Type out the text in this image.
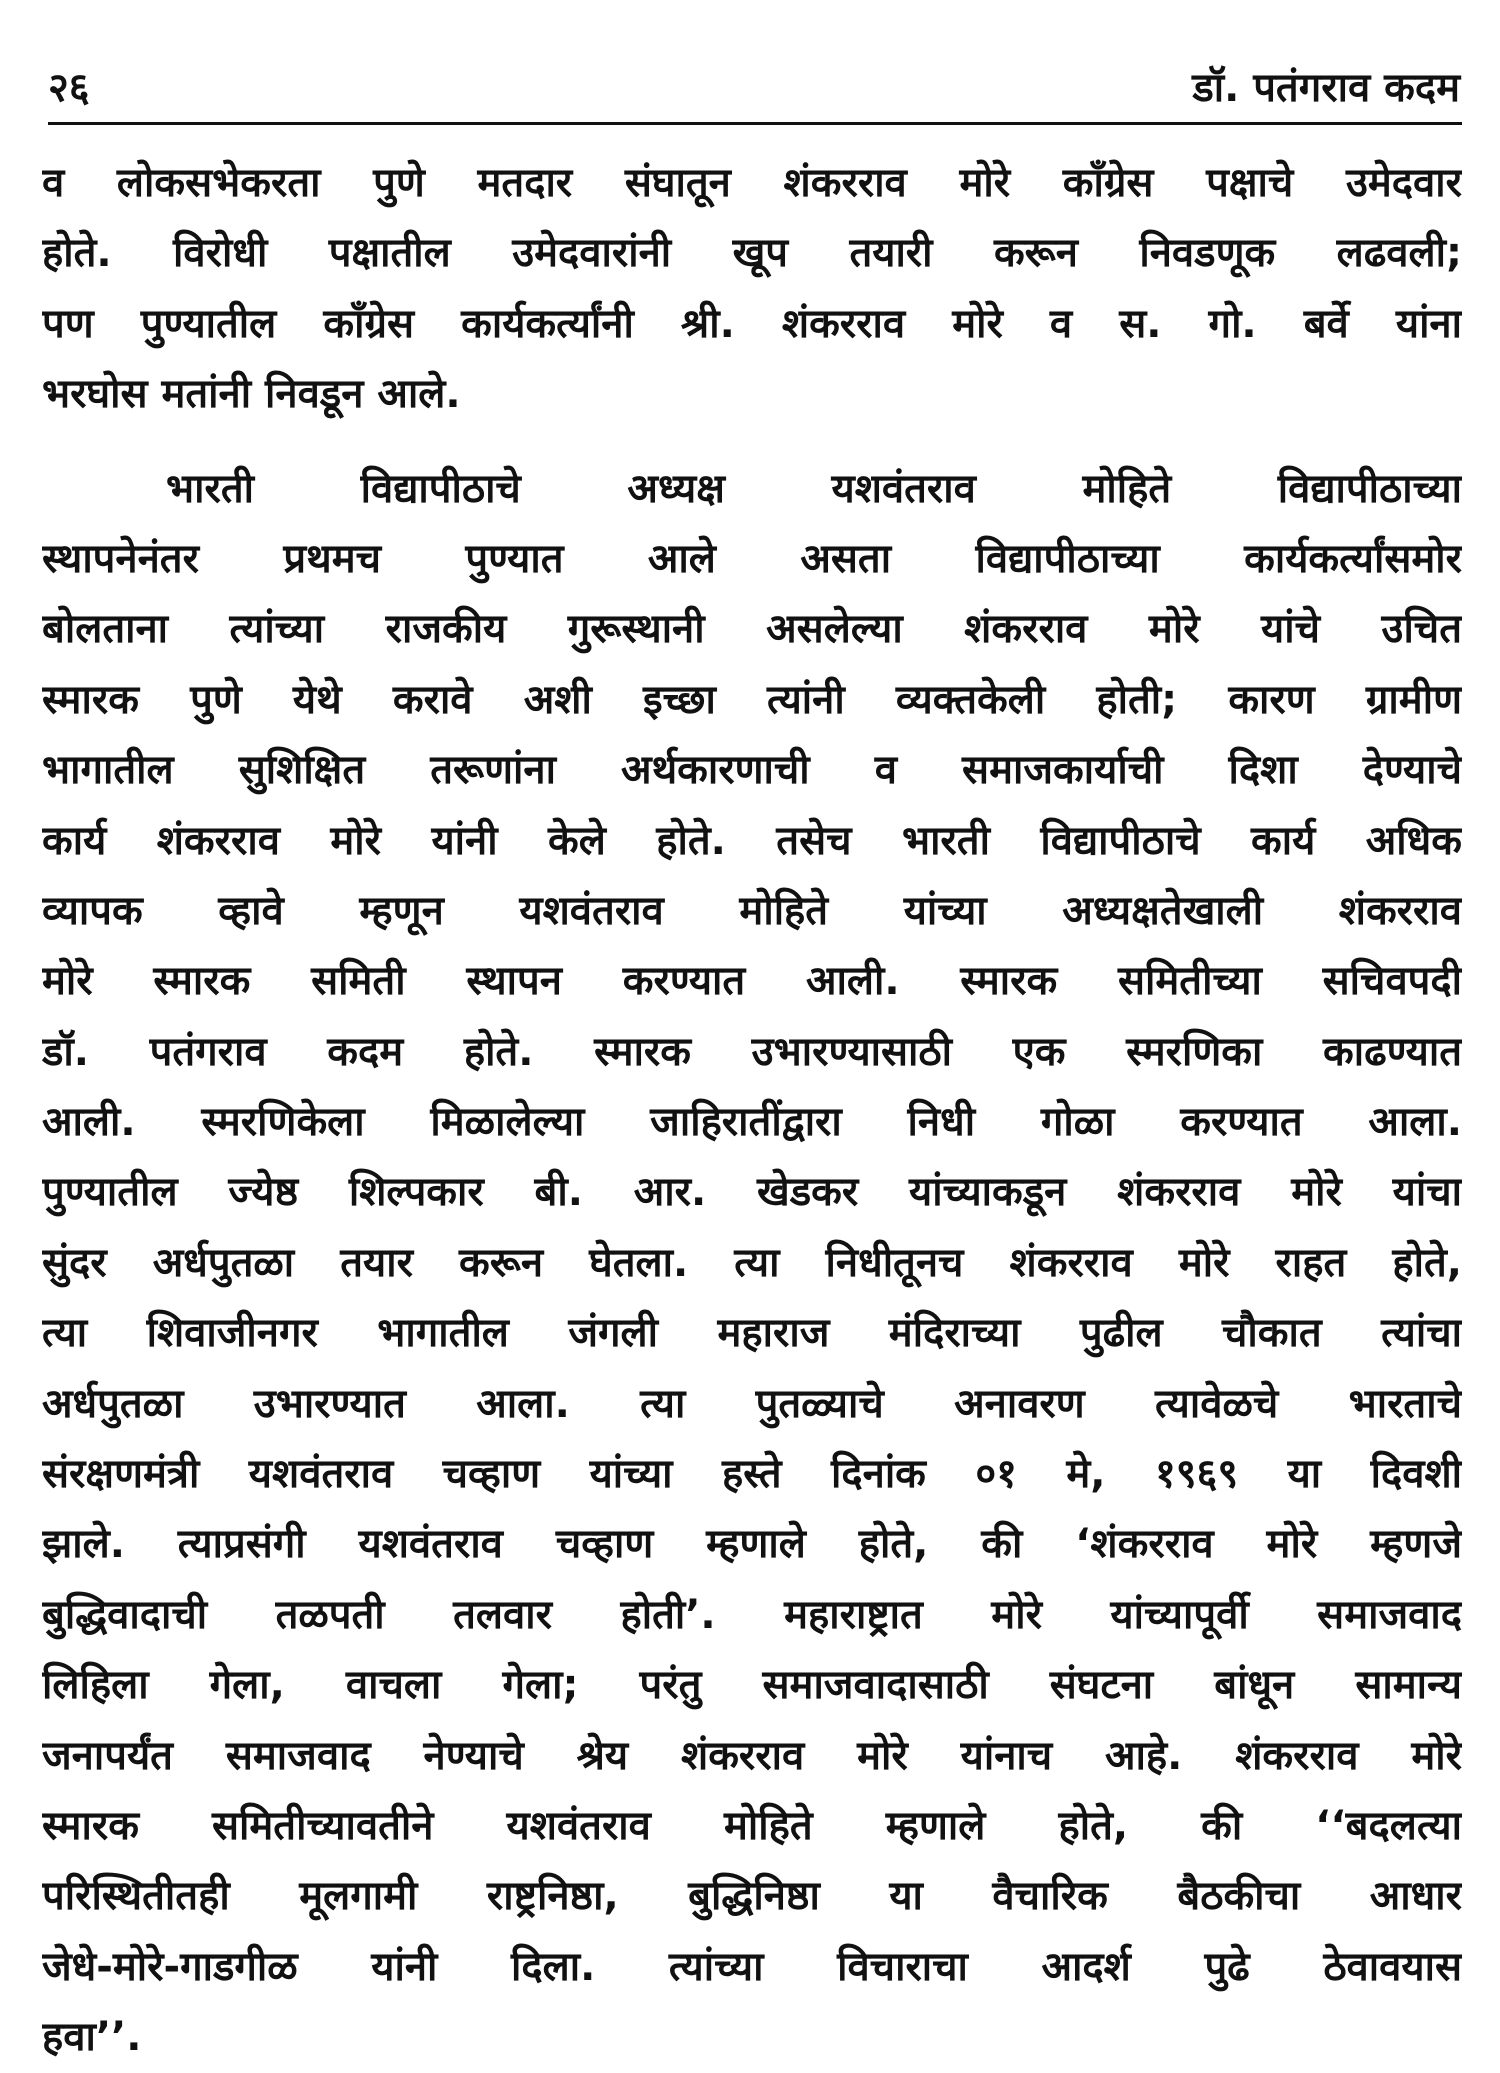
२६	डॉ. पतंगराव कदम
व लोकसभेकरता पुणे मतदार संघातून शंकरराव मोरे काँग्रेस पक्षाचे उमेदवार
होते. विरोधी पक्षातील उमेदवारांनी खूप तयारी करून निवडणूक लढवली;
पण पुण्यातील काँग्रेस कार्यकर्त्यांनी श्री. शंकरराव मोरे व स. गो. बर्वे यांना
भरघोस मतांनी निवडून आले.
भारती विद्यापीठाचे अध्यक्ष यशवंतराव मोहिते विद्यापीठाच्या
स्थापनेनंतर प्रथमच पुण्यात आले असता विद्यापीठाच्या कार्यकर्त्यांसमोर
बोलताना त्यांच्या राजकीय गुरूस्थानी असलेल्या शंकरराव मोरे यांचे उचित
स्मारक पुणे येथे करावे अशी इच्छा त्यांनी व्यक्तकेली होती; कारण ग्रामीण
भागातील सुशिक्षित तरूणांना अर्थकारणाची व समाजकार्याची दिशा देण्याचे
कार्य शंकरराव मोरे यांनी केले होते. तसेच भारती विद्यापीठाचे कार्य अधिक
व्यापक व्हावे म्हणून यशवंतराव मोहिते यांच्या अध्यक्षतेखाली शंकरराव
मोरे स्मारक समिती स्थापन करण्यात आली. स्मारक समितीच्या सचिवपदी
डॉ. पतंगराव कदम होते. स्मारक उभारण्यासाठी एक स्मरणिका काढण्यात
आली. स्मरणिकेला मिळालेल्या जाहिरातींद्वारा निधी गोळा करण्यात आला.
पुण्यातील ज्येष्ठ शिल्पकार बी. आर. खेडकर यांच्याकडून शंकरराव मोरे यांचा
सुंदर अर्धपुतळा तयार करून घेतला. त्या निधीतूनच शंकरराव मोरे राहत होते,
त्या शिवाजीनगर भागातील जंगली महाराज मंदिराच्या पुढील चौकात त्यांचा
अर्धपुतळा उभारण्यात आला. त्या पुतळ्याचे अनावरण त्यावेळचे भारताचे
संरक्षणमंत्री यशवंतराव चव्हाण यांच्या हस्ते दिनांक ०१ मे, १९६९ या दिवशी
झाले. त्याप्रसंगी यशवंतराव चव्हाण म्हणाले होते, की ‘शंकरराव मोरे म्हणजे
बुद्धिवादाची तळपती तलवार होती’. महाराष्ट्रात मोरे यांच्यापूर्वी समाजवाद
लिहिला गेला, वाचला गेला; परंतु समाजवादासाठी संघटना बांधून सामान्य
जनापर्यंत समाजवाद नेण्याचे श्रेय शंकरराव मोरे यांनाच आहे. शंकरराव मोरे
स्मारक समितीच्यावतीने यशवंतराव मोहिते म्हणाले होते, की ‘‘बदलत्या
परिस्थितीतही मूलगामी राष्ट्रनिष्ठा, बुद्धिनिष्ठा या वैचारिक बैठकीचा आधार
जेधे-मोरे-गाडगीळ यांनी दिला. त्यांच्या विचाराचा आदर्श पुढे ठेवावयास
हवा’’.
